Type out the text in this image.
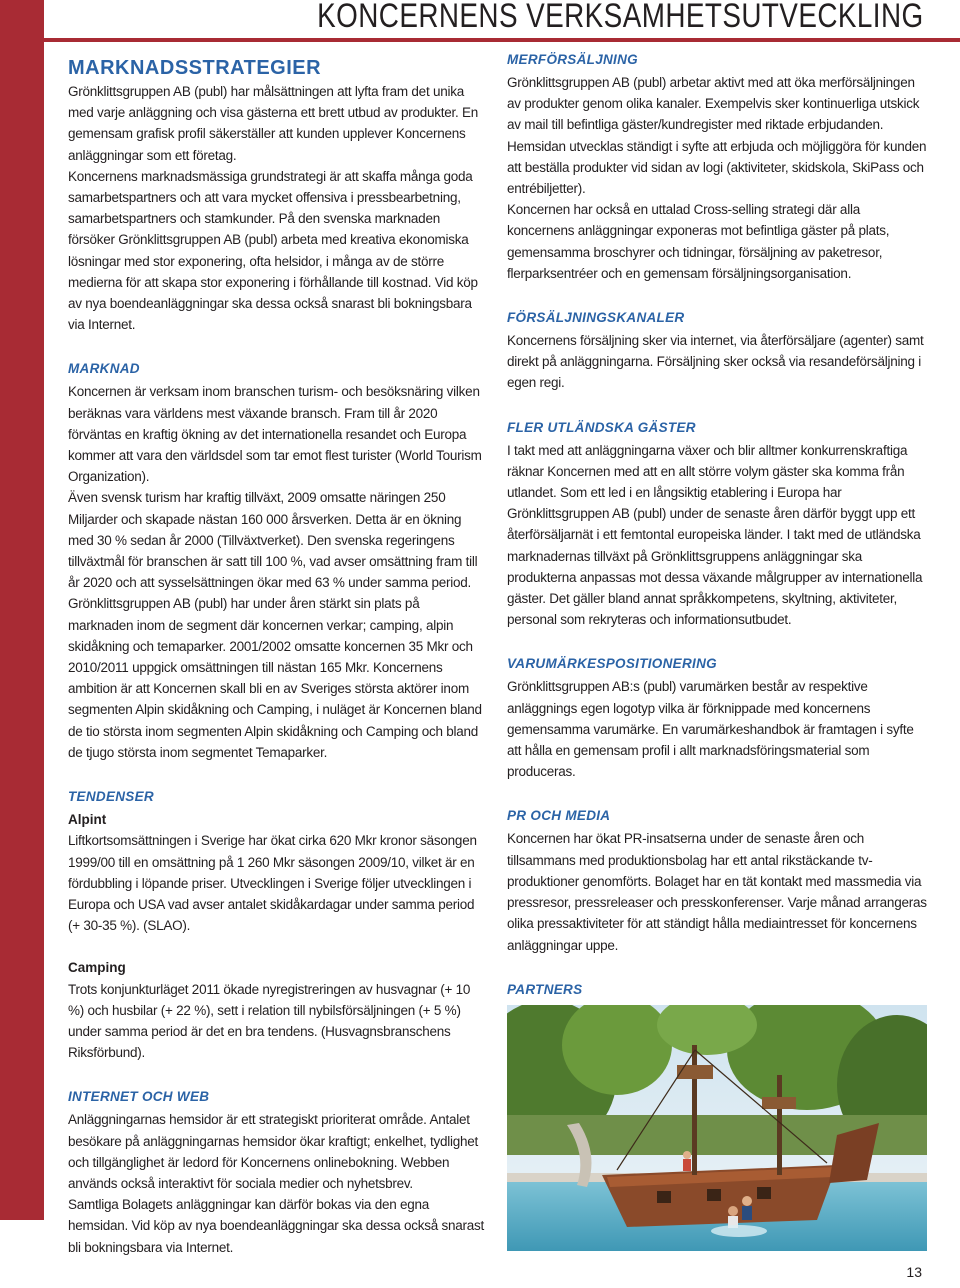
KONCERNENS VERKSAMHETSUTVECKLING
MARKNADSSTRATEGIER

Grönklittsgruppen AB (publ) har målsättningen att lyfta fram det unika med varje anläggning och visa gästerna ett brett utbud av produkter. En gemensam grafisk profil säkerställer att kunden upplever Koncernens anläggningar som ett företag.

Koncernens marknadsmässiga grundstrategi är att skaffa många goda samarbetspartners och att vara mycket offensiva i pressbearbetning, samarbetspartners och stamkunder. På den svenska marknaden försöker Grönklittsgruppen AB (publ) arbeta med kreativa ekonomiska lösningar med stor exponering, ofta helsidor, i många av de större medierna för att skapa stor exponering i förhållande till kostnad. Vid köp av nya boendeanläggningar ska dessa också snarast bli bokningsbara via Internet.

MARKNAD

Koncernen är verksam inom branschen turism- och besöksnäring vilken beräknas vara världens mest växande bransch. Fram till år 2020 förväntas en kraftig ökning av det internationella resandet och Europa kommer att vara den världsdel som tar emot flest turister (World Tourism Organization).

Även svensk turism har kraftig tillväxt, 2009 omsatte näringen 250 Miljarder och skapade nästan 160 000 årsverken. Detta är en ökning med 30 % sedan år 2000 (Tillväxtverket). Den svenska regeringens tillväxtmål för branschen är satt till 100 %, vad avser omsättning fram till år 2020 och att sysselsättningen ökar med 63 % under samma period.

Grönklittsgruppen AB (publ) har under åren stärkt sin plats på marknaden inom de segment där koncernen verkar; camping, alpin skidåkning och temaparker. 2001/2002 omsatte koncernen 35 Mkr och 2010/2011 uppgick omsättningen till nästan 165 Mkr. Koncernens ambition är att Koncernen skall bli en av Sveriges största aktörer inom segmenten Alpin skidåkning och Camping, i nuläget är Koncernen bland de tio största inom segmenten Alpin skidåkning och Camping och bland de tjugo största inom segmentet Temaparker.

TENDENSER
Alpint

Liftkortsomsättningen i Sverige har ökat cirka 620 Mkr kronor säsongen 1999/00 till en omsättning på 1 260 Mkr säsongen 2009/10, vilket är en fördubbling i löpande priser. Utvecklingen i Sverige följer utvecklingen i Europa och USA vad avser antalet skidåkardagar under samma period (+ 30-35 %). (SLAO).

Camping

Trots konjunkturläget 2011 ökade nyregistreringen av husvagnar (+ 10 %) och husbilar (+ 22 %), sett i relation till nybilsförsäljningen (+ 5 %) under samma period är det en bra tendens. (Husvagnsbranschens Riksförbund).

INTERNET OCH WEB

Anläggningarnas hemsidor är ett strategiskt prioriterat område. Antalet besökare på anläggningarnas hemsidor ökar kraftigt; enkelhet, tydlighet och tillgänglighet är ledord för Koncernens onlinebokning. Webben används också interaktivt för sociala medier och nyhetsbrev.

Samtliga Bolagets anläggningar kan därför bokas via den egna hemsidan. Vid köp av nya boendeanläggningar ska dessa också snarast bli bokningsbara via Internet.

MERFÖRSÄLJNING

Grönklittsgruppen AB (publ) arbetar aktivt med att öka merförsäljningen av produkter genom olika kanaler. Exempelvis sker kontinuerliga utskick av mail till befintliga gäster/kundregister med riktade erbjudanden. Hemsidan utvecklas ständigt i syfte att erbjuda och möjliggöra för kunden att beställa produkter vid sidan av logi (aktiviteter, skidskola, SkiPass och entrébiljetter).

Koncernen har också en uttalad Cross-selling strategi där alla koncernens anläggningar exponeras mot befintliga gäster på plats, gemensamma broschyrer och tidningar, försäljning av paketresor, flerparksentréer och en gemensam försäljningsorganisation.

FÖRSÄLJNINGSKANALER

Koncernens försäljning sker via internet, via återförsäljare (agenter) samt direkt på anläggningarna. Försäljning sker också via resandeförsäljning i egen regi.

FLER UTLÄNDSKA GÄSTER

I takt med att anläggningarna växer och blir alltmer konkurrenskraftiga räknar Koncernen med att en allt större volym gäster ska komma från utlandet. Som ett led i en långsiktig etablering i Europa har Grönklittsgruppen AB (publ) under de senaste åren därför byggt upp ett återförsäljarnät i ett femtontal europeiska länder. I takt med de utländska marknadernas tillväxt på Grönklittsgruppens anläggningar ska produkterna anpassas mot dessa växande målgrupper av internationella gäster. Det gäller bland annat språkkompetens, skyltning, aktiviteter, personal som rekryteras och informationsutbudet.

VARUMÄRKESPOSITIONERING

Grönklittsgruppen AB:s (publ) varumärken består av respektive anläggnings egen logotyp vilka är förknippade med koncernens gemensamma varumärke. En varumärkeshandbok är framtagen i syfte att hålla en gemensam profil i allt marknadsföringsmaterial som produceras.

PR OCH MEDIA

Koncernen har ökat PR-insatserna under de senaste åren och tillsammans med produktionsbolag har ett antal rikstäckande tv-produktioner genomförts. Bolaget har en tät kontakt med massmedia via pressresor, pressreleaser och presskonferenser. Varje månad arrangeras olika pressaktiviteter för att ständigt hålla mediaintresset för koncernens anläggningar uppe.

PARTNERS

13
